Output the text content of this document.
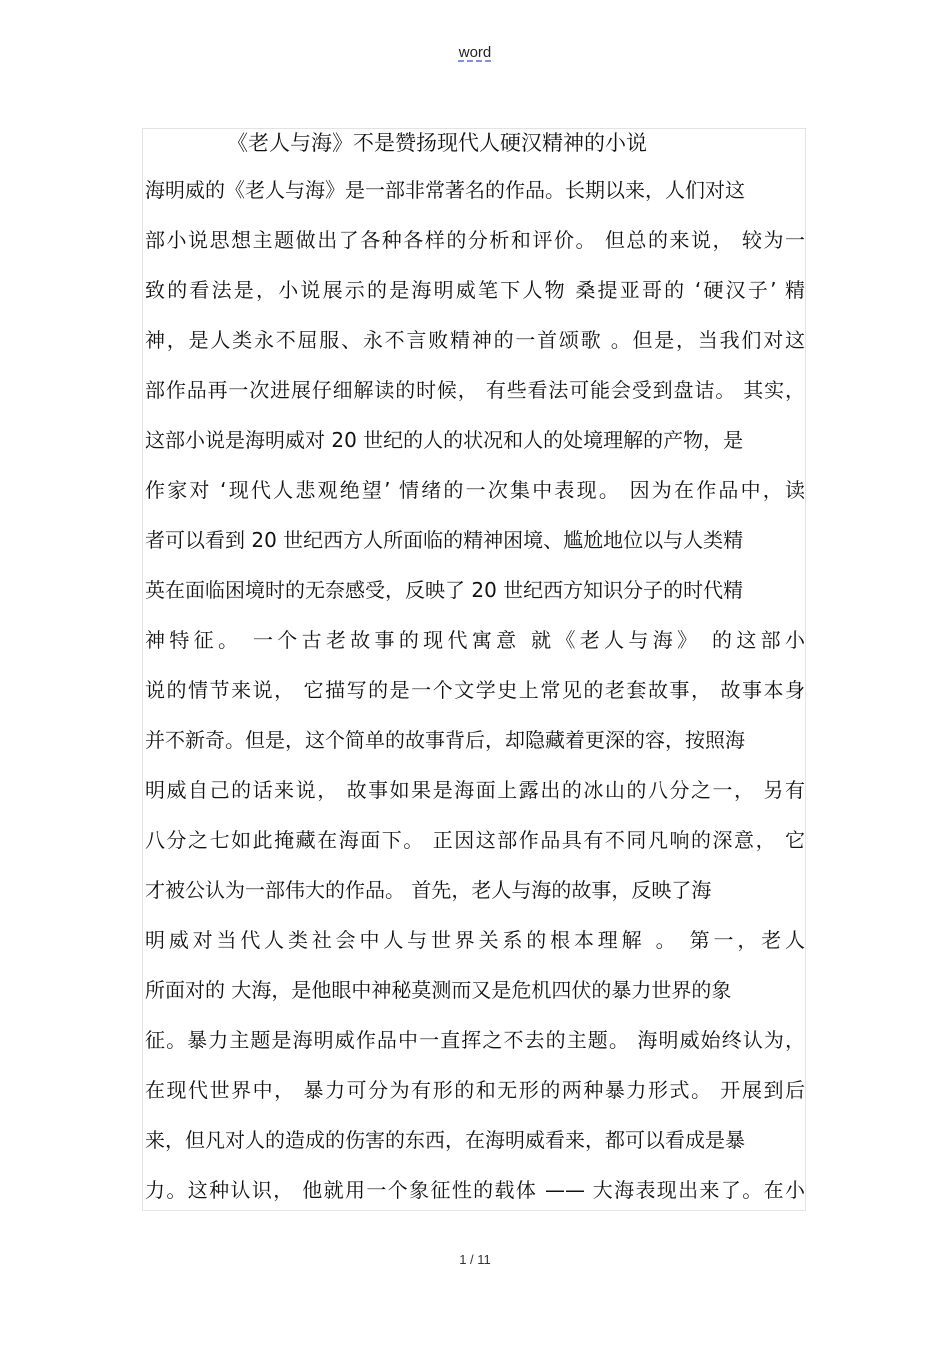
word
《老人与海》不是赞扬现代人硬汉精神的小说
海明威的《老人与海》是一部非常著名的作品。长期以来，人们对这
部小说思想主题做出了各种各样的分析和评价。 但总的来说， 较为一
致的看法是，小说展示的是海明威笔下人物 桑提亚哥的 ‘硬汉子’ 精
神，是人类永不屈服、永不言败精神的一首颂歌 。但是，当我们对这
部作品再一次进展仔细解读的时候， 有些看法可能会受到盘诘。 其实，
这部小说是海明威对 20 世纪的人的状况和人的处境理解的产物，是
作家对 ‘现代人悲观绝望’ 情绪的一次集中表现。 因为在作品中，读
者可以看到 20 世纪西方人所面临的精神困境、尴尬地位以与人类精
英在面临困境时的无奈感受，反映了 20 世纪西方知识分子的时代精
神特征。 一个古老故事的现代寓意 就《老人与海》 的这部小
说的情节来说， 它描写的是一个文学史上常见的老套故事， 故事本身
并不新奇。但是，这个简单的故事背后，却隐藏着更深的容，按照海
明威自己的话来说， 故事如果是海面上露出的冰山的八分之一， 另有
八分之七如此掩藏在海面下。 正因这部作品具有不同凡响的深意， 它
才被公认为一部伟大的作品。 首先，老人与海的故事，反映了海
明威对当代人类社会中人与世界关系的根本理解 。 第一，老人
所面对的 大海，是他眼中神秘莫测而又是危机四伏的暴力世界的象
征。暴力主题是海明威作品中一直挥之不去的主题。 海明威始终认为，
在现代世界中， 暴力可分为有形的和无形的两种暴力形式。 开展到后
来，但凡对人的造成的伤害的东西，在海明威看来，都可以看成是暴
力。这种认识， 他就用一个象征性的载体 —— 大海表现出来了。在小
1 / 11
